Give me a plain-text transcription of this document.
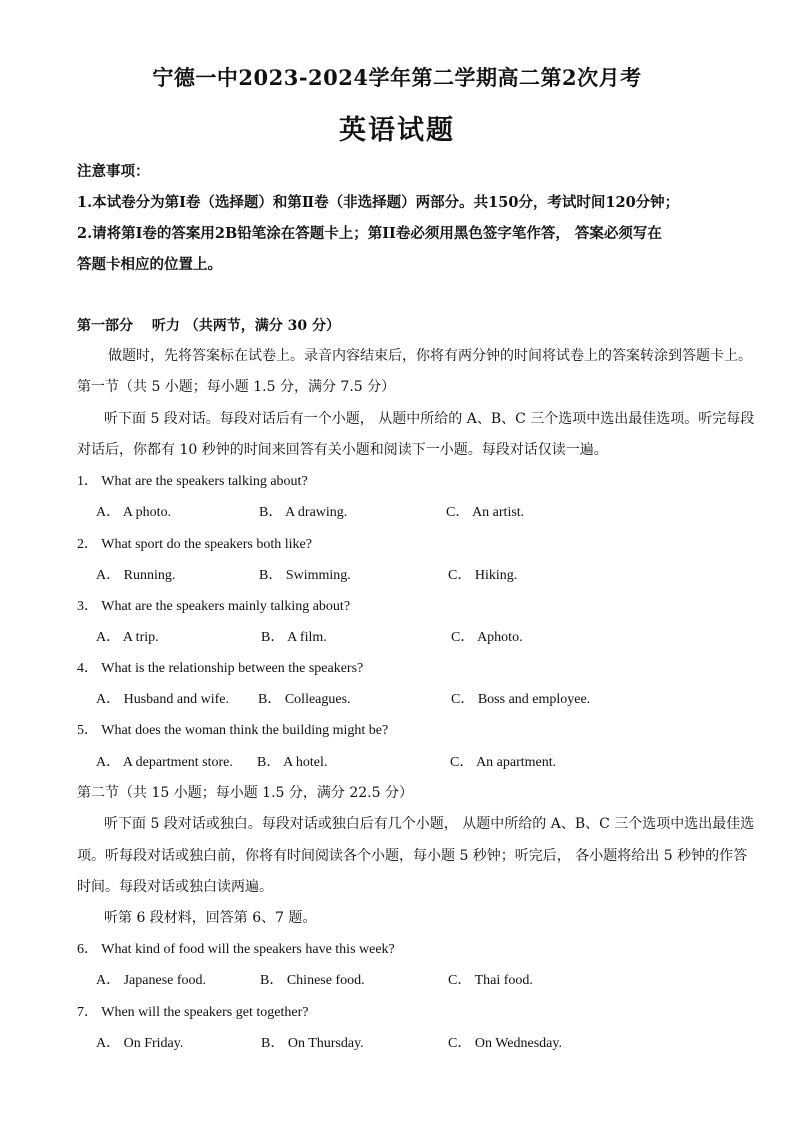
宁德一中2023-2024学年第二学期高二第2次月考
英语试题
注意事项：
1.本试卷分为第Ⅰ卷（选择题）和第Ⅱ卷（非选择题）两部分。共150分，考试时间120分钟；
2.请将第Ⅰ卷的答案用2B铅笔涂在答题卡上；第II卷必须用黑色签字笔作答， 答案必须写在
答题卡相应的位置上。
第一部分　 听力 （共两节，满分 30 分）
做题时，先将答案标在试卷上。录音内容结束后，你将有两分钟的时间将试卷上的答案转涂到答题卡上。
第一节（共 5 小题；每小题 1.5 分，满分 7.5 分）
听下面 5 段对话。每段对话后有一个小题， 从题中所给的 A、B、C 三个选项中选出最佳选项。听完每段
对话后，你都有 10 秒钟的时间来回答有关小题和阅读下一小题。每段对话仅读一遍。
1． What are the speakers talking about?
A． A photo.	B． A drawing.	C． An artist.
2． What sport do the speakers both like?
A． Running.	B． Swimming.	C． Hiking.
3． What are the speakers mainly talking about?
A． A trip.	B． A film.	C． Aphoto.
4． What is the relationship between the speakers?
A． Husband and wife. B． Colleagues.	C． Boss and employee.
5． What does the woman think the building might be?
A． A department store. B． A hotel.	C． An apartment.
第二节（共 15 小题；每小题 1.5 分，满分 22.5 分）
听下面 5 段对话或独白。每段对话或独白后有几个小题， 从题中所给的 A、B、C 三个选项中选出最佳选
项。听每段对话或独白前，你将有时间阅读各个小题，每小题 5 秒钟；听完后， 各小题将给出 5 秒钟的作答
时间。每段对话或独白读两遍。
听第 6 段材料，回答第 6、7 题。
6． What kind of food will the speakers have this week?
A． Japanese food.	B． Chinese food.	C． Thai food.
7． When will the speakers get together?
A． On Friday.	B． On Thursday.	C． On Wednesday.
